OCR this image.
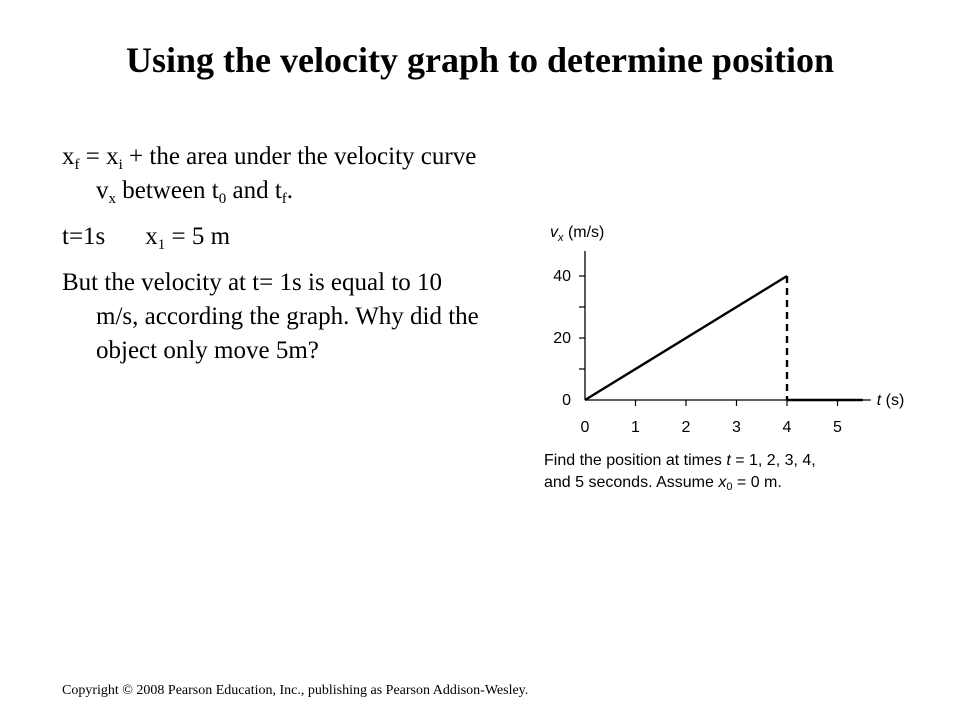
Using the velocity graph to determine position
$x_f = x_i$ + the area under the velocity curve $v_x$ between $t_0$ and $t_f$.
t=1s $x_1 = 5$ m
But the velocity at t= 1s is equal to 10 m/s, according the graph. Why did the object only move 5m?
$v_x$ (m/s)
t (s)
0	1	2	3	4	5
0
20
40
Find the position at times t = 1, 2, 3, 4,
and 5 seconds. Assume $x_0 = 0$ m.
Copyright © 2008 Pearson Education, Inc., publishing as Pearson Addison-Wesley.
